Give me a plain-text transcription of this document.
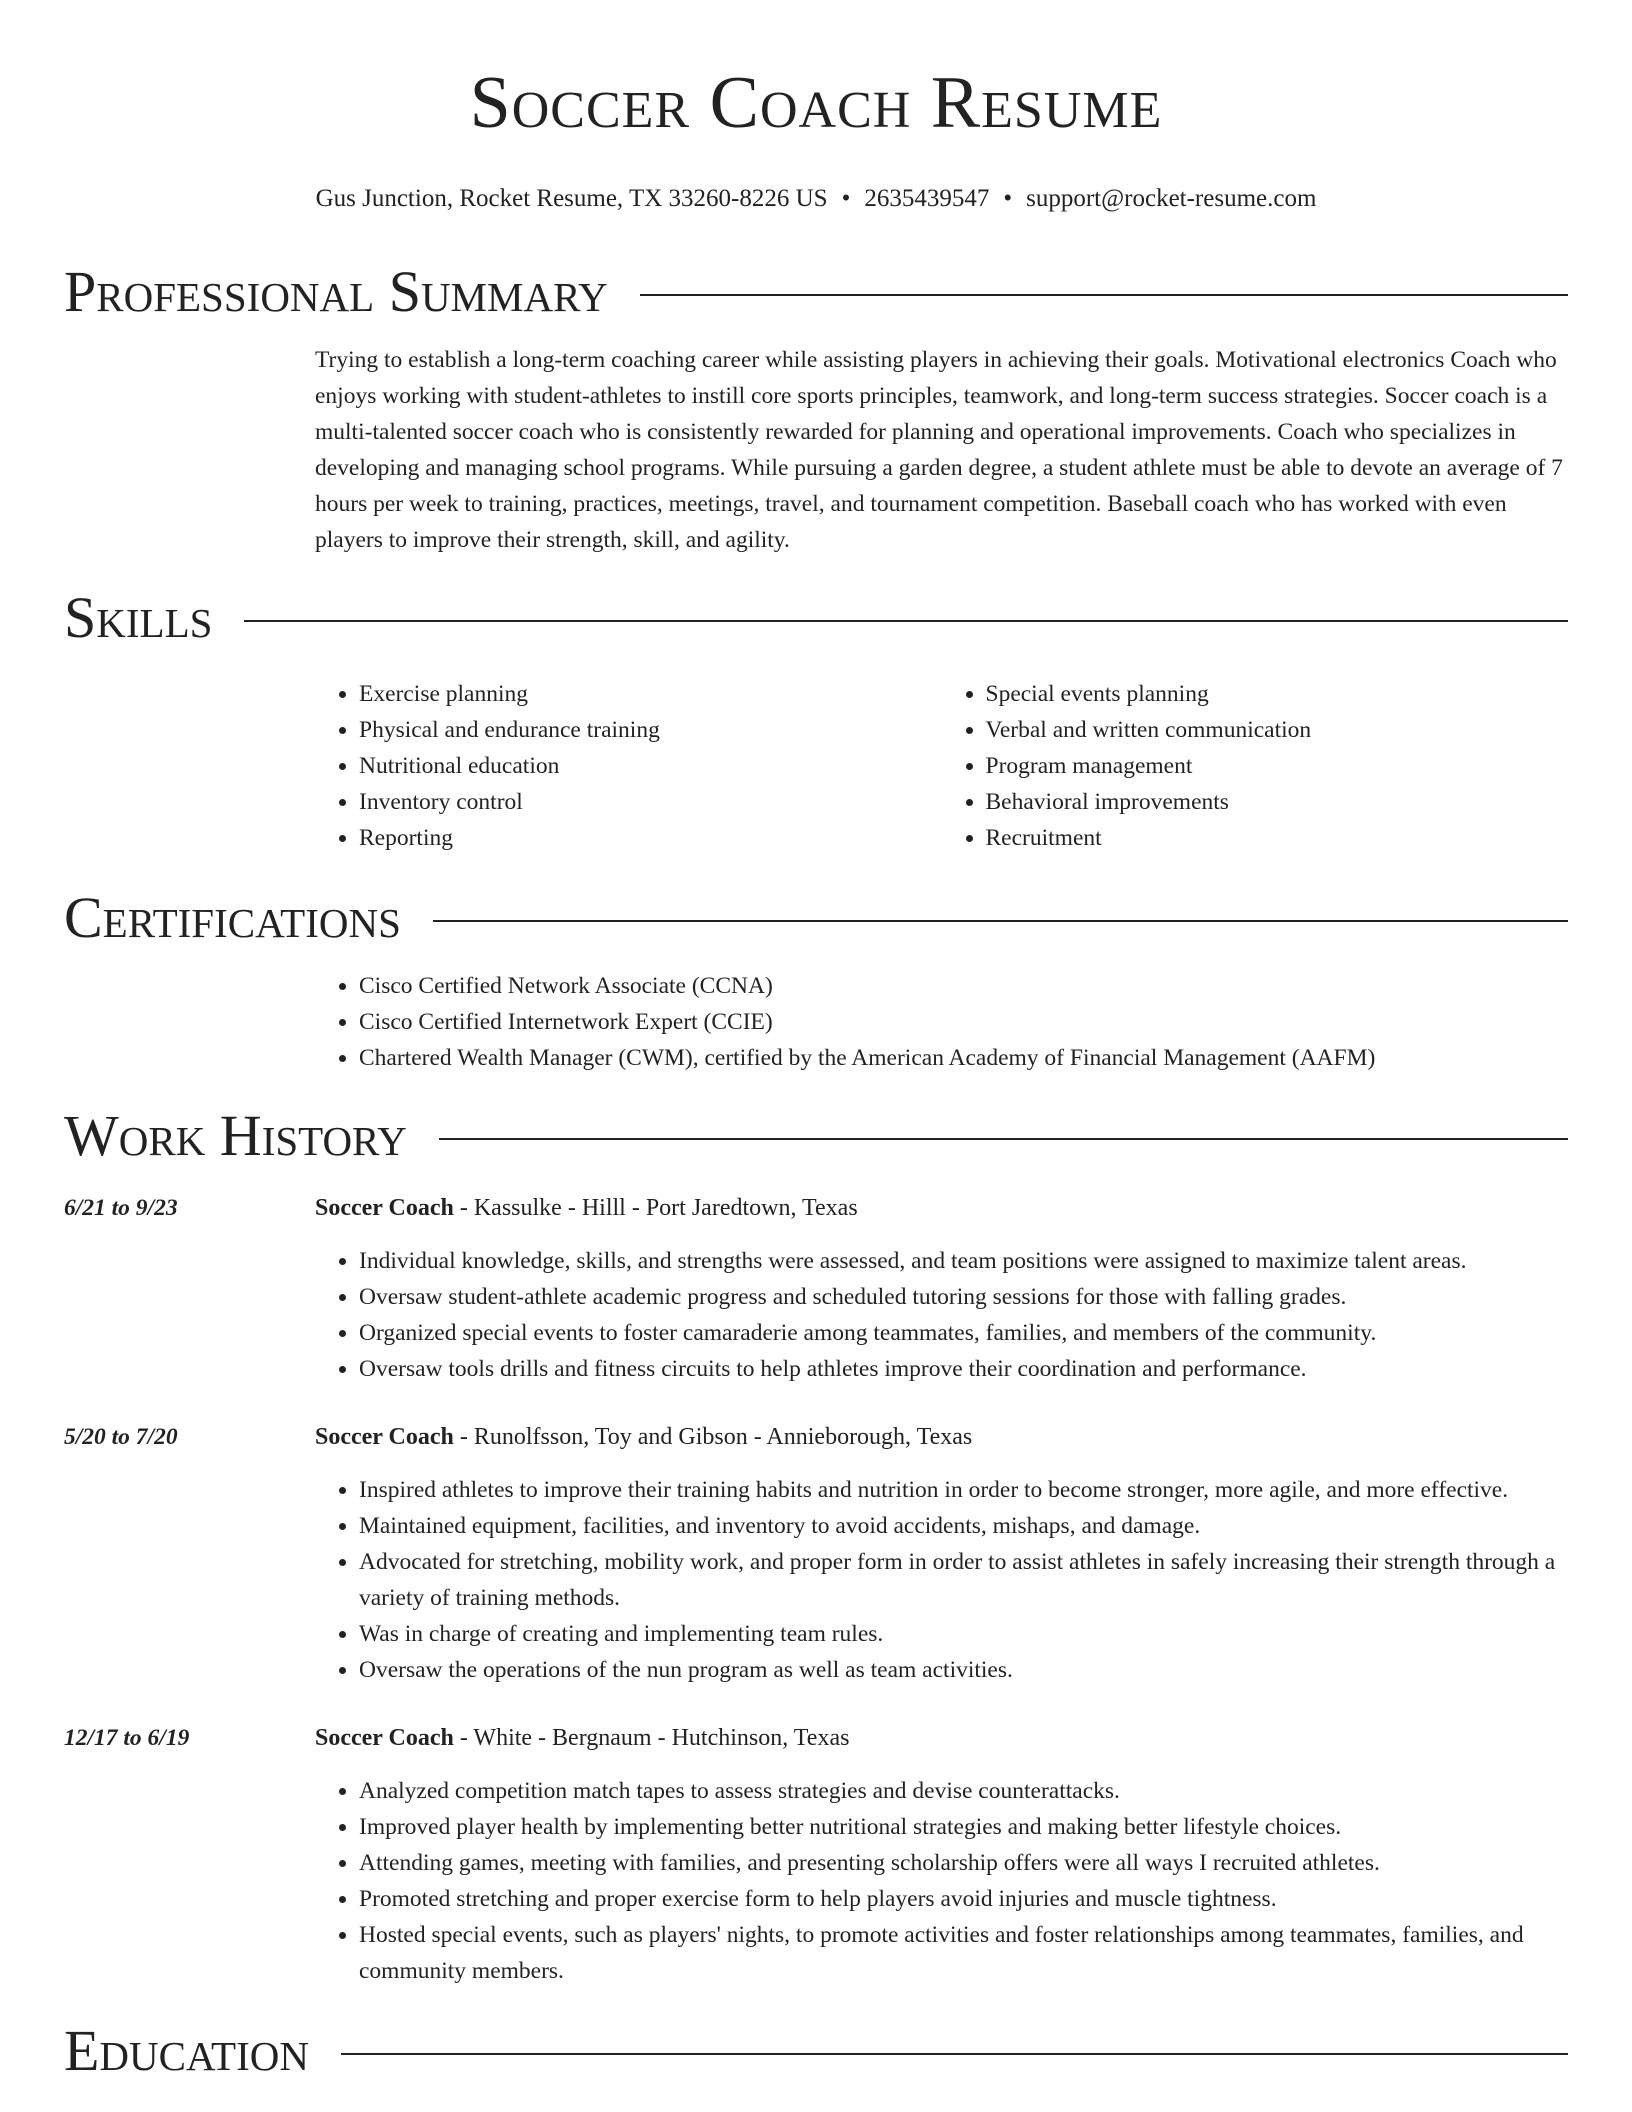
Soccer Coach Resume
Gus Junction, Rocket Resume, TX 33260-8226 US • 2635439547 • support@rocket-resume.com
Professional Summary

Trying to establish a long-term coaching career while assisting players in achieving their goals. Motivational electronics Coach who enjoys working with student-athletes to instill core sports principles, teamwork, and long-term success strategies. Soccer coach is a multi-talented soccer coach who is consistently rewarded for planning and operational improvements. Coach who specializes in developing and managing school programs. While pursuing a garden degree, a student athlete must be able to devote an average of 7 hours per week to training, practices, meetings, travel, and tournament competition. Baseball coach who has worked with even players to improve their strength, skill, and agility.

Skills
• Exercise planning
• Physical and endurance training
• Nutritional education
• Inventory control
• Reporting
• Special events planning
• Verbal and written communication
• Program management
• Behavioral improvements
• Recruitment
Certifications
• Cisco Certified Network Associate (CCNA)
• Cisco Certified Internetwork Expert (CCIE)
• Chartered Wealth Manager (CWM), certified by the American Academy of Financial Management (AAFM)
Work History
6/21 to 9/23	Soccer Coach - Kassulke - Hilll - Port Jaredtown, Texas
• Individual knowledge, skills, and strengths were assessed, and team positions were assigned to maximize talent areas.
• Oversaw student-athlete academic progress and scheduled tutoring sessions for those with falling grades.
• Organized special events to foster camaraderie among teammates, families, and members of the community.
• Oversaw tools drills and fitness circuits to help athletes improve their coordination and performance.
5/20 to 7/20	Soccer Coach - Runolfsson, Toy and Gibson - Annieborough, Texas
• Inspired athletes to improve their training habits and nutrition in order to become stronger, more agile, and more effective.
• Maintained equipment, facilities, and inventory to avoid accidents, mishaps, and damage.
• Advocated for stretching, mobility work, and proper form in order to assist athletes in safely increasing their strength through a variety of training methods.
• Was in charge of creating and implementing team rules.
• Oversaw the operations of the nun program as well as team activities.
12/17 to 6/19	Soccer Coach - White - Bergnaum - Hutchinson, Texas
• Analyzed competition match tapes to assess strategies and devise counterattacks.
• Improved player health by implementing better nutritional strategies and making better lifestyle choices.
• Attending games, meeting with families, and presenting scholarship offers were all ways I recruited athletes.
• Promoted stretching and proper exercise form to help players avoid injuries and muscle tightness.
• Hosted special events, such as players' nights, to promote activities and foster relationships among teammates, families, and community members.
Education
